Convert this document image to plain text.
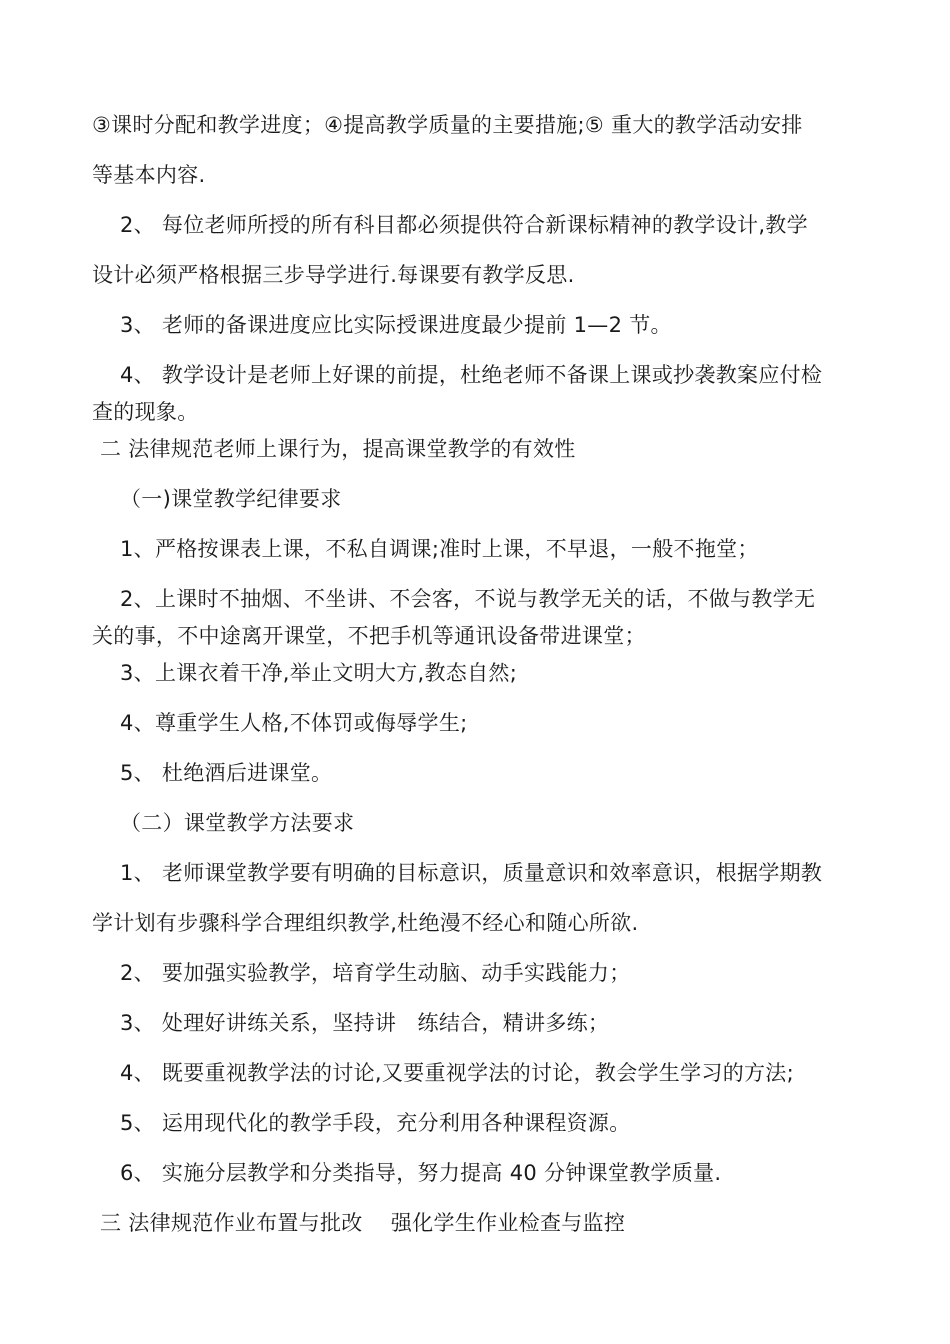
③课时分配和教学进度；④提高教学质量的主要措施;⑤ 重大的教学活动安排
等基本内容.
2、 每位老师所授的所有科目都必须提供符合新课标精神的教学设计,教学
设计必须严格根据三步导学进行.每课要有教学反思.
3、 老师的备课进度应比实际授课进度最少提前 1—2 节。
4、 教学设计是老师上好课的前提，杜绝老师不备课上课或抄袭教案应付检
查的现象。
二 法律规范老师上课行为，提高课堂教学的有效性
（一)课堂教学纪律要求
1、严格按课表上课，不私自调课;准时上课，不早退，一般不拖堂；
2、上课时不抽烟、不坐讲、不会客，不说与教学无关的话，不做与教学无
关的事，不中途离开课堂，不把手机等通讯设备带进课堂；
3、上课衣着干净,举止文明大方,教态自然;
4、尊重学生人格,不体罚或侮辱学生;
5、 杜绝酒后进课堂。
（二）课堂教学方法要求
1、 老师课堂教学要有明确的目标意识，质量意识和效率意识，根据学期教
学计划有步骤科学合理组织教学,杜绝漫不经心和随心所欲.
2、 要加强实验教学，培育学生动脑、动手实践能力；
3、 处理好讲练关系，坚持讲　练结合，精讲多练；
4、 既要重视教学法的讨论,又要重视学法的讨论，教会学生学习的方法;
5、 运用现代化的教学手段，充分利用各种课程资源。
6、 实施分层教学和分类指导，努力提高 40 分钟课堂教学质量.
三 法律规范作业布置与批改　 强化学生作业检查与监控
